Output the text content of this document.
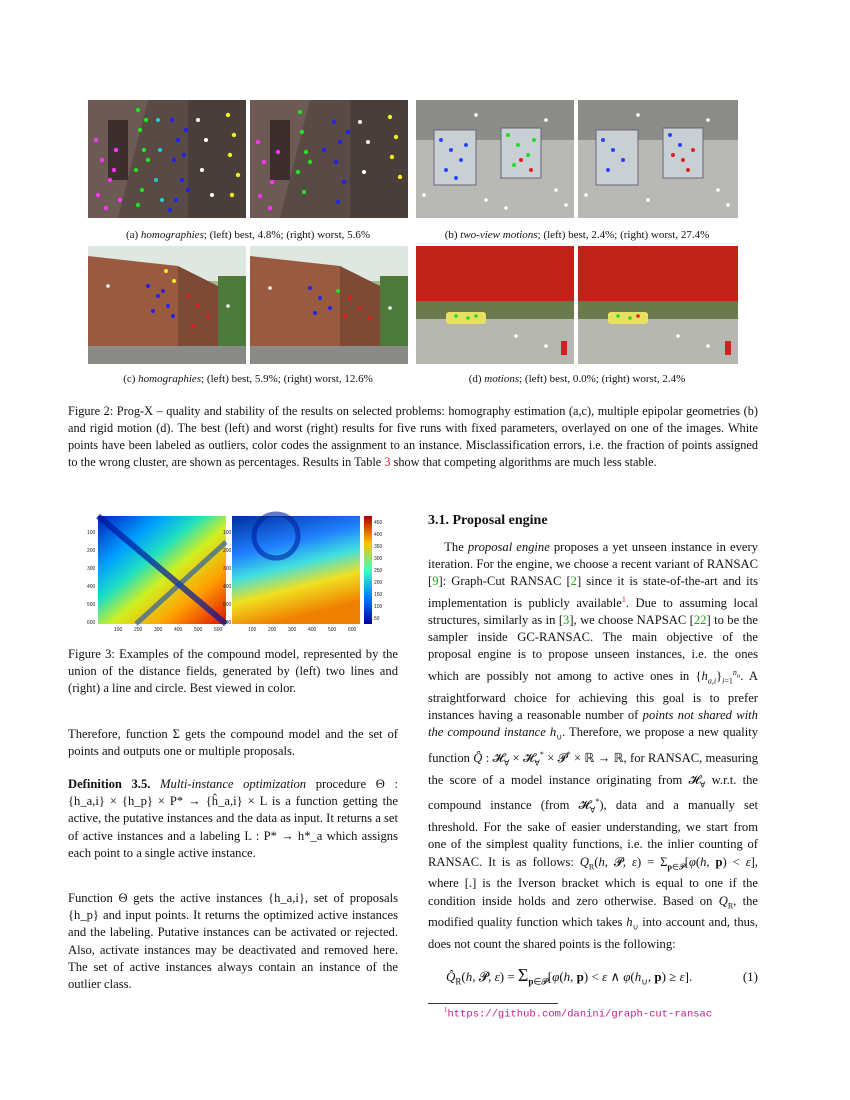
(a) homographies; (left) best, 4.8%; (right) worst, 5.6%	(b) two-view motions; (left) best, 2.4%; (right) worst, 27.4%
(c) homographies; (left) best, 5.9%; (right) worst, 12.6%	(d) motions; (left) best, 0.0%; (right) worst, 2.4%
Figure 2: Prog-X – quality and stability of the results on selected problems: homography estimation (a,c), multiple epipolar geometries (b) and rigid motion (d). The best (left) and worst (right) results for five runs with fixed parameters, overlayed on one of the images. White points have been labeled as outliers, color codes the assignment to an instance. Misclassification errors, i.e. the fraction of points assigned to the wrong cluster, are shown as percentages. Results in Table 3 show that competing algorithms are much less stable.
100
200
300
400
500
600
100 200 300 400 500 600
100
200
300
400
500
600
100 200 300 400 500 600
450
400
350
300
250
200
150
100
50

Figure 3: Examples of the compound model, represented by the union of the distance fields, generated by (left) two lines and (right) a line and circle. Best viewed in color.

Therefore, function Σ gets the compound model and the set of points and outputs one or multiple proposals.

Definition 3.5. Multi-instance optimization procedure Θ : {h_a,i} × {h_p} × P* → {ĥ_a,i} × L is a function getting the active, the putative instances and the data as input. It returns a set of active instances and a labeling L : P* → h*_a which assigns each point to a single active instance.

Function Θ gets the active instances {h_a,i}, set of proposals {h_p} and input points. It returns the optimized active instances and the labeling. Putative instances can be activated or rejected. Also, activate instances may be deactivated and removed here. The set of active instances always contain an instance of the outlier class.

3.1. Proposal engine

The proposal engine proposes a yet unseen instance in every iteration. For the engine, we choose a recent variant of RANSAC [9]: Graph-Cut RANSAC [2] since it is state-of-the-art and its implementation is publicly available$^1$. Due to assuming local structures, similarly as in [3], we choose NAPSAC [22] to be the sampler inside GC-RANSAC. The main objective of the proposal engine is to propose unseen instances, i.e. the ones which are possibly not among to active ones in $\{h_{a,i}\}_{i=1}^{n_a}$. A straightforward choice for achieving this goal is to prefer instances having a reasonable number of points not shared with the compound instance $h_\cup$. Therefore, we propose a new quality function Q̂ : 𝓗$_\forall$ × 𝓗$_\forall$* × 𝓟* × ℝ → ℝ, for RANSAC, measuring the score of a model instance originating from 𝓗$_\forall$ w.r.t. the compound instance (from 𝓗$_\forall$*), data and a manually set threshold. For the sake of easier understanding, we start from one of the simplest quality functions, i.e. the inlier counting of RANSAC. It is as follows: $Q_R(h$, 𝓟, $\varepsilon) = \Sigma_{p\in 𝓟}[\varphi(h$, p) < ε], where [.] is the Iverson bracket which is equal to one if the condition inside holds and zero otherwise. Based on $Q_R$, the modified quality function which takes $h_\cup$ into account and, thus, does not count the shared points is the following:

$Q̂_R(h$, 𝓟, $\varepsilon) = \Sigma_{p\in 𝓟}[\varphi(h$, p) < ε ∧ $\varphi(h_\cup$, p) ≥ ε].	(1)
$^1$https://github.com/danini/graph-cut-ransac
